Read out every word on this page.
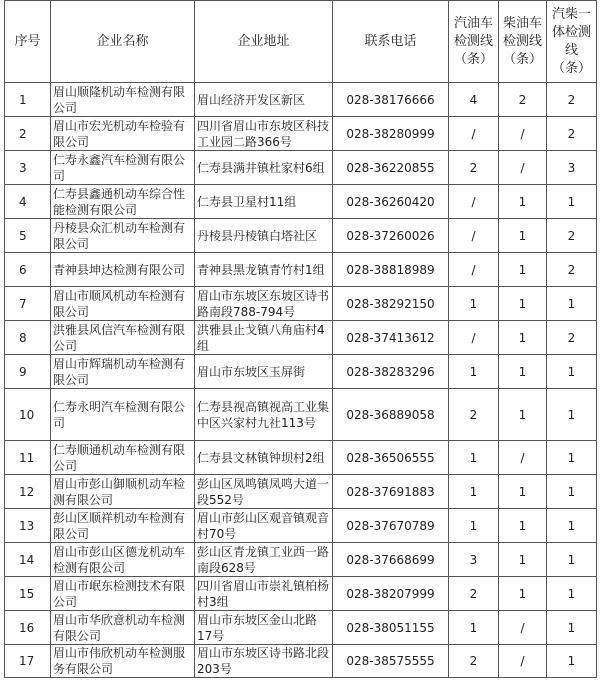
序号	企业名称	企业地址	联系电话	汽油车检测线（条）	柴油车检测线（条）	汽柴一体检测线（条）
1	眉山顺隆机动车检测有限公司	眉山经济开发区新区	028-38176666	4	2	2
2	眉山市宏光机动车检验有限公司	四川省眉山市东坡区科技工业园二路366号	028-38280999	/	/	2
3	仁寿永鑫汽车检测有限公司	仁寿县满井镇杜家村6组	028-36220855	2	/	3
4	仁寿县鑫通机动车综合性能检测有限公司	仁寿县卫星村11组	028-36260420	/	1	1
5	丹棱县众汇机动车检测有限公司	丹棱县丹棱镇白塔社区	028-37260026	/	1	2
6	青神县坤达检测有限公司	青神县黑龙镇青竹村1组	028-38818989	/	1	2
7	眉山市顺风机动车检测有限公司	眉山市东坡区东坡区诗书路南段788-794号	028-38292150	1	1	1
8	洪雅县风信汽车检测有限公司	洪雅县止戈镇八角庙村4组	028-37413612	/	1	2
9	眉山市辉瑞机动车检测有限公司	眉山市东坡区玉屏街	028-38283296	1	1	1
10	仁寿永明汽车检测有限公司	仁寿县视高镇视高工业集中区兴家村九社113号	028-36889058	2	1	1
11	仁寿顺通机动车检测有限公司	仁寿县文林镇钟坝村2组	028-36506555	1	/	1
12	眉山市彭山御顺机动车检测有限公司	彭山区凤鸣镇凤鸣大道一段552号	028-37691883	1	1	1
13	彭山区顺祥机动车检测有限公司	眉山市彭山区观音镇观音村70号	028-37670789	1	1	1
14	眉山市彭山区德龙机动车检测有限公司	彭山区青龙镇工业西一路南段628号	028-37668699	3	1	1
15	眉山市岷东检测技术有限公司	四川省眉山市崇礼镇柏杨村3组	028-38207999	2	1	1
16	眉山市华欣意机动车检测有限公司	眉山市东坡区金山北路17号	028-38051155	1	/	1
17	眉山市伟欣机动车检测服务有限公司	眉山市东坡区诗书路北段203号	028-38575555	2	/	1
